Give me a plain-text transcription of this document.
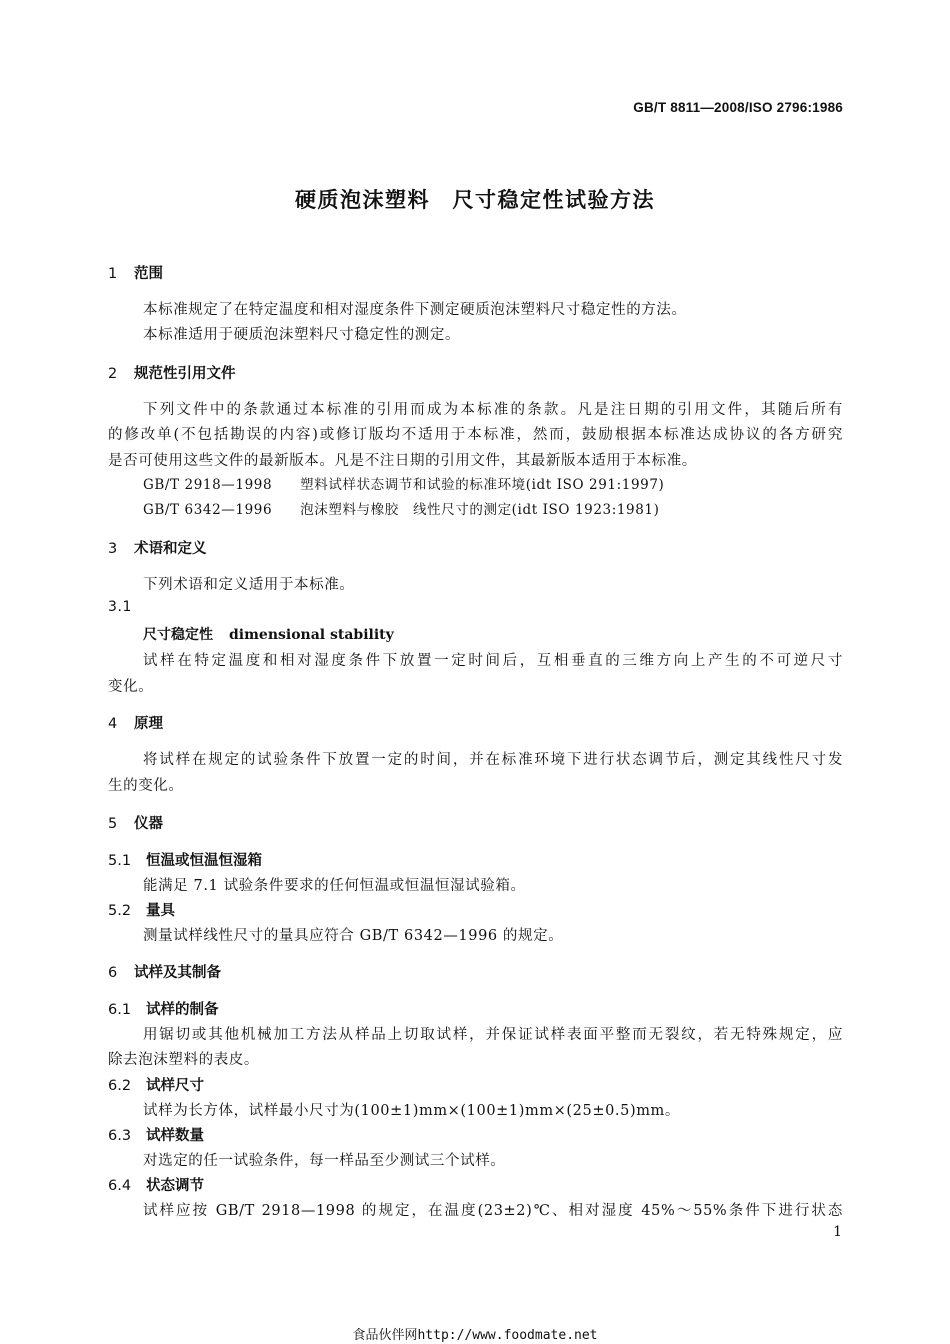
GB/T 8811—2008/ISO 2796:1986
硬质泡沫塑料　尺寸稳定性试验方法
1 范围
本标准规定了在特定温度和相对湿度条件下测定硬质泡沫塑料尺寸稳定性的方法。
本标准适用于硬质泡沫塑料尺寸稳定性的测定。
2 规范性引用文件
下列文件中的条款通过本标准的引用而成为本标准的条款。凡是注日期的引用文件，其随后所有
的修改单(不包括勘误的内容)或修订版均不适用于本标准，然而，鼓励根据本标准达成协议的各方研究
是否可使用这些文件的最新版本。凡是不注日期的引用文件，其最新版本适用于本标准。
GB/T 2918—1998 塑料试样状态调节和试验的标准环境(idt ISO 291:1997)
GB/T 6342—1996 泡沫塑料与橡胶　线性尺寸的测定(idt ISO 1923:1981)
3 术语和定义
下列术语和定义适用于本标准。
3.1
尺寸稳定性 dimensional stability
试样在特定温度和相对湿度条件下放置一定时间后，互相垂直的三维方向上产生的不可逆尺寸
变化。
4 原理
将试样在规定的试验条件下放置一定的时间，并在标准环境下进行状态调节后，测定其线性尺寸发
生的变化。
5 仪器
5.1 恒温或恒温恒湿箱
能满足 7.1 试验条件要求的任何恒温或恒温恒湿试验箱。
5.2 量具
测量试样线性尺寸的量具应符合 GB/T 6342—1996 的规定。
6 试样及其制备
6.1 试样的制备
用锯切或其他机械加工方法从样品上切取试样，并保证试样表面平整而无裂纹，若无特殊规定，应
除去泡沫塑料的表皮。
6.2 试样尺寸
试样为长方体，试样最小尺寸为(100±1)mm×(100±1)mm×(25±0.5)mm。
6.3 试样数量
对选定的任一试验条件，每一样品至少测试三个试样。
6.4 状态调节
试样应按 GB/T 2918—1998 的规定，在温度(23±2)℃、相对湿度 45%～55%条件下进行状态
1
食品伙伴网http://www.foodmate.net
